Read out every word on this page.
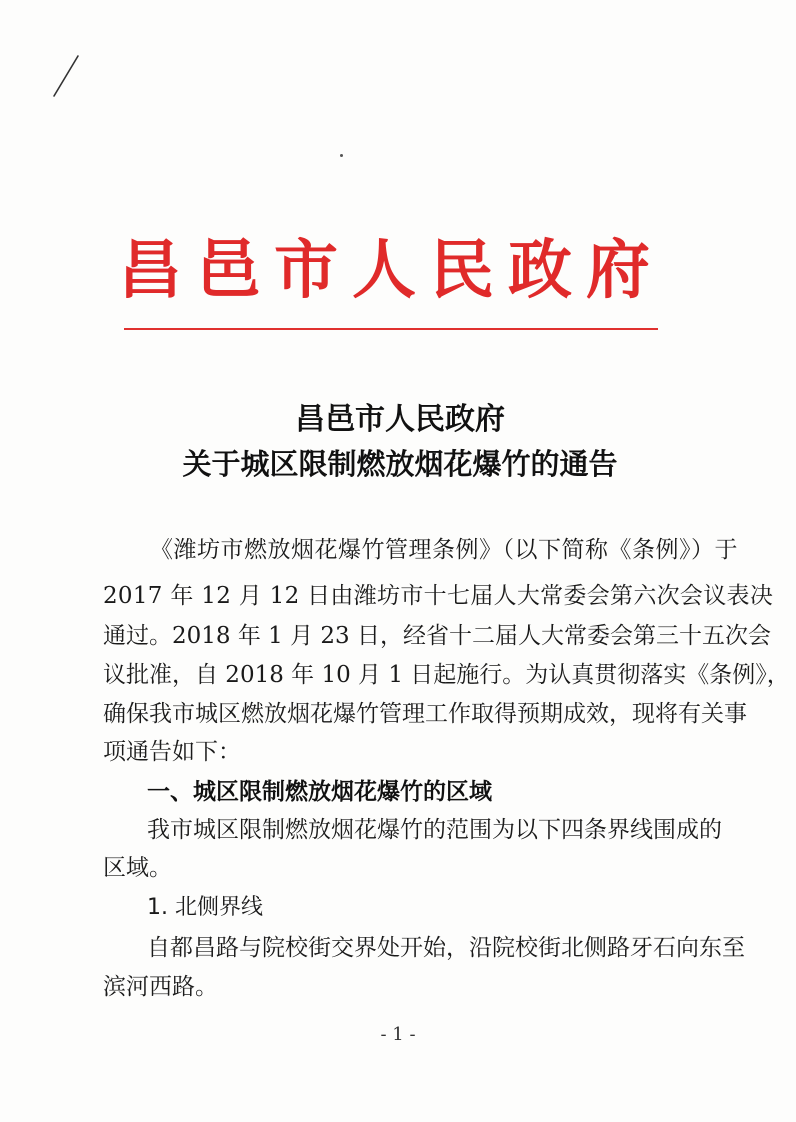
昌邑市人民政府
昌邑市人民政府
关于城区限制燃放烟花爆竹的通告
《潍坊市燃放烟花爆竹管理条例》（以下简称《条例》）于
2017 年 12 月 12 日由潍坊市十七届人大常委会第六次会议表决
通过。2018 年 1 月 23 日，经省十二届人大常委会第三十五次会
议批准，自 2018 年 10 月 1 日起施行。为认真贯彻落实《条例》，
确保我市城区燃放烟花爆竹管理工作取得预期成效，现将有关事
项通告如下：
一、城区限制燃放烟花爆竹的区域
我市城区限制燃放烟花爆竹的范围为以下四条界线围成的
区域。
1. 北侧界线
自都昌路与院校街交界处开始，沿院校街北侧路牙石向东至
滨河西路。
- 1 -
